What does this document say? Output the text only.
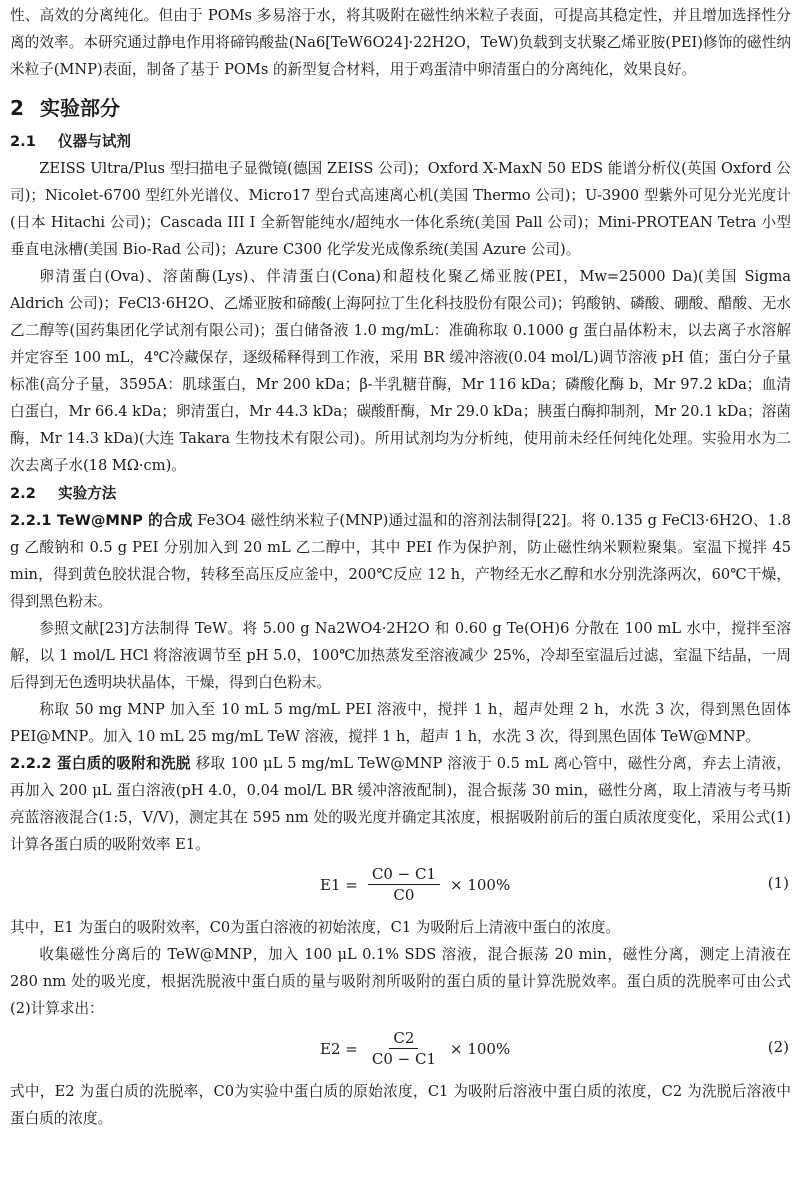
性、高效的分离纯化。但由于 POMs 多易溶于水，将其吸附在磁性纳米粒子表面，可提高其稳定性，并且增加选择性分离的效率。本研究通过静电作用将碲钨酸盐(Na6[TeW6O24]·22H2O，TeW)负载到支状聚乙烯亚胺(PEI)修饰的磁性纳米粒子(MNP)表面，制备了基于 POMs 的新型复合材料，用于鸡蛋清中卵清蛋白的分离纯化，效果良好。

2 实验部分
2.1 仪器与试剂

ZEISS Ultra/Plus 型扫描电子显微镜(德国 ZEISS 公司)；Oxford X-MaxN 50 EDS 能谱分析仪(英国 Oxford 公司)；Nicolet-6700 型红外光谱仪、Micro17 型台式高速离心机(美国 Thermo 公司)；U-3900 型紫外可见分光光度计(日本 Hitachi 公司)；Cascada III I 全新智能纯水/超纯水一体化系统(美国 Pall 公司)；Mini-PROTEAN Tetra 小型垂直电泳槽(美国 Bio-Rad 公司)；Azure C300 化学发光成像系统(美国 Azure 公司)。

卵清蛋白(Ova)、溶菌酶(Lys)、伴清蛋白(Cona)和超枝化聚乙烯亚胺(PEI，Mw=25000 Da)(美国 Sigma Aldrich 公司)；FeCl3·6H2O、乙烯亚胺和碲酸(上海阿拉丁生化科技股份有限公司)；钨酸钠、磷酸、硼酸、醋酸、无水乙二醇等(国药集团化学试剂有限公司)；蛋白储备液 1.0 mg/mL：准确称取 0.1000 g 蛋白晶体粉末，以去离子水溶解并定容至 100 mL，4℃冷藏保存，逐级稀释得到工作液，采用 BR 缓冲溶液(0.04 mol/L)调节溶液 pH 值；蛋白分子量标准(高分子量，3595A：肌球蛋白，Mr 200 kDa；β-半乳糖苷酶，Mr 116 kDa；磷酸化酶 b，Mr 97.2 kDa；血清白蛋白，Mr 66.4 kDa；卵清蛋白，Mr 44.3 kDa；碳酸酐酶，Mr 29.0 kDa；胰蛋白酶抑制剂，Mr 20.1 kDa；溶菌酶，Mr 14.3 kDa)(大连 Takara 生物技术有限公司)。所用试剂均为分析纯，使用前未经任何纯化处理。实验用水为二次去离子水(18 MΩ·cm)。

2.2 实验方法

2.2.1 TeW@MNP 的合成 Fe3O4 磁性纳米粒子(MNP)通过温和的溶剂法制得[22]。将 0.135 g FeCl3·6H2O、1.8 g 乙酸钠和 0.5 g PEI 分别加入到 20 mL 乙二醇中，其中 PEI 作为保护剂，防止磁性纳米颗粒聚集。室温下搅拌 45 min，得到黄色胶状混合物，转移至高压反应釜中，200℃反应 12 h，产物经无水乙醇和水分别洗涤两次，60℃干燥，得到黑色粉末。

参照文献[23]方法制得 TeW。将 5.00 g Na2WO4·2H2O 和 0.60 g Te(OH)6 分散在 100 mL 水中，搅拌至溶解，以 1 mol/L HCl 将溶液调节至 pH 5.0，100℃加热蒸发至溶液减少 25%，冷却至室温后过滤，室温下结晶，一周后得到无色透明块状晶体，干燥，得到白色粉末。

称取 50 mg MNP 加入至 10 mL 5 mg/mL PEI 溶液中，搅拌 1 h，超声处理 2 h，水洗 3 次，得到黑色固体 PEI@MNP。加入 10 mL 25 mg/mL TeW 溶液，搅拌 1 h，超声 1 h，水洗 3 次，得到黑色固体 TeW@MNP。

2.2.2 蛋白质的吸附和洗脱 移取 100 μL 5 mg/mL TeW@MNP 溶液于 0.5 mL 离心管中，磁性分离，弃去上清液，再加入 200 μL 蛋白溶液(pH 4.0，0.04 mol/L BR 缓冲溶液配制)，混合振荡 30 min，磁性分离，取上清液与考马斯亮蓝溶液混合(1:5，V/V)，测定其在 595 nm 处的吸光度并确定其浓度，根据吸附前后的蛋白质浓度变化，采用公式(1)计算各蛋白质的吸附效率 E1。

$E1 = \frac{C0 - C1}{C0} \times 100\%$	(1)

其中，E1 为蛋白的吸附效率，C0为蛋白溶液的初始浓度，C1 为吸附后上清液中蛋白的浓度。

收集磁性分离后的 TeW@MNP，加入 100 μL 0.1% SDS 溶液，混合振荡 20 min，磁性分离，测定上清液在 280 nm 处的吸光度，根据洗脱液中蛋白质的量与吸附剂所吸附的蛋白质的量计算洗脱效率。蛋白质的洗脱率可由公式(2)计算求出：

$E2 = \frac{C2}{C0 - C1} \times 100\%$	(2)

式中，E2 为蛋白质的洗脱率，C0为实验中蛋白质的原始浓度，C1 为吸附后溶液中蛋白质的浓度，C2 为洗脱后溶液中蛋白质的浓度。
